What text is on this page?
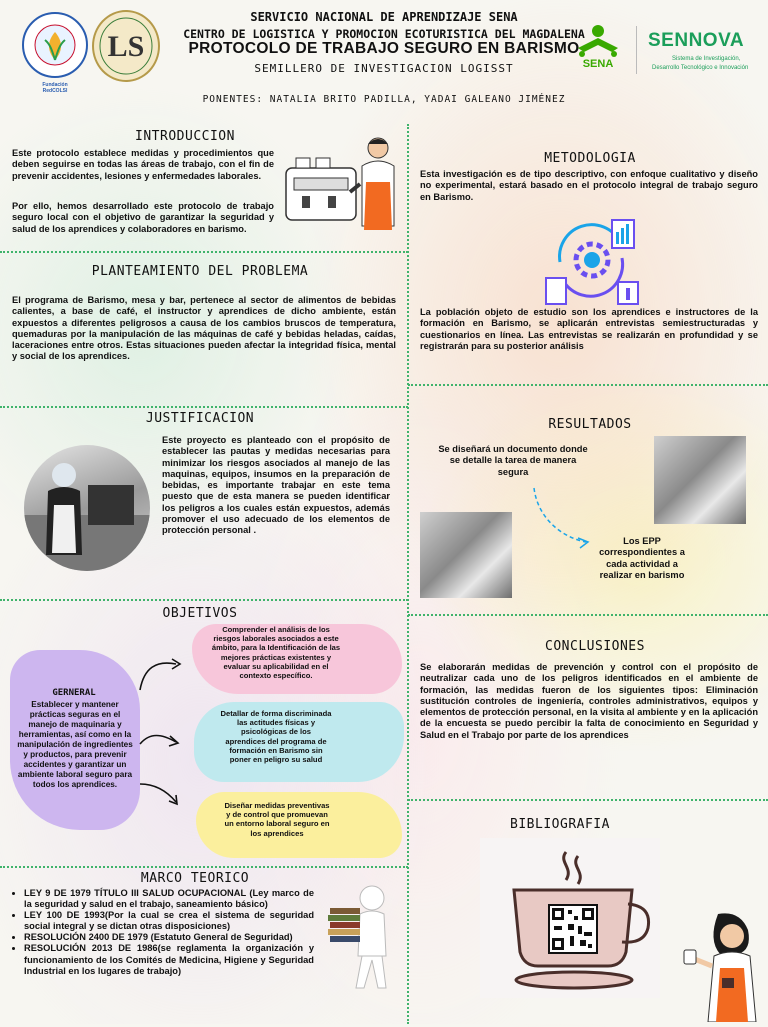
Fundación RedCOLSI
LS
SERVICIO NACIONAL DE APRENDIZAJE SENA
CENTRO DE LOGISTICA Y PROMOCION ECOTURISTICA DEL MAGDALENA
PROTOCOLO DE TRABAJO SEGURO EN BARISMO
SEMILLERO DE INVESTIGACION LOGISST
PONENTES: NATALIA BRITO PADILLA, YADAI GALEANO JIMÉNEZ
SENA
SENNOVA
Sistema de Investigación,
Desarrollo Tecnológico e Innovación
INTRODUCCION
Este protocolo establece medidas y procedimientos que deben seguirse en todas las áreas de trabajo, con el fin de prevenir accidentes, lesiones y enfermedades laborales.
Por ello, hemos desarrollado este protocolo de trabajo seguro local con el objetivo de garantizar la seguridad y salud de los aprendices y colaboradores en barismo.
PLANTEAMIENTO DEL PROBLEMA
El programa de Barismo, mesa y bar, pertenece al sector de alimentos de bebidas calientes, a base de café, el instructor y aprendices de dicho ambiente, están expuestos a diferentes peligrosos a causa de los cambios bruscos de temperatura, quemaduras por la manipulación de las máquinas de café y bebidas heladas, caídas, laceraciones entre otros. Estas situaciones pueden afectar la integridad física, mental y social de los aprendices.
JUSTIFICACION
Este proyecto es planteado con el propósito de establecer las pautas y medidas necesarias para minimizar los riesgos asociados al manejo de las maquinas, equipos, insumos en la preparación de bebidas, es importante trabajar en este tema puesto que de esta manera se pueden identificar los peligros a los cuales están expuestos, además promover el uso adecuado de los elementos de protección personal .
OBJETIVOS
GERNERAL
Establecer y mantener prácticas seguras en el manejo de maquinaria y herramientas, así como en la manipulación de ingredientes y productos, para prevenir accidentes y garantizar un ambiente laboral seguro para todos los aprendices.
Comprender el análisis de los riesgos laborales asociados a este ámbito, para la Identificación de las mejores prácticas existentes y evaluar su aplicabilidad en el contexto específico.
Detallar de forma discriminada las actitudes físicas y psicológicas de los aprendices del programa de formación en Barismo sin poner en peligro su salud
Diseñar medidas preventivas y de control que promuevan un entorno laboral seguro en los aprendices
MARCO TEORICO
• LEY 9 DE 1979 TÍTULO III SALUD OCUPACIONAL (Ley marco de la seguridad y salud en el trabajo, saneamiento básico)
• LEY 100 DE 1993(Por la cual se crea el sistema de seguridad social integral y se dictan otras disposiciones)
• RESOLUCIÓN 2400 DE 1979 (Estatuto General de Seguridad)
• RESOLUCIÓN 2013 DE 1986(se reglamenta la organización y funcionamiento de los Comités de Medicina, Higiene y Seguridad Industrial en los lugares de trabajo)
METODOLOGIA
Esta investigación es de tipo descriptivo, con enfoque cualitativo y diseño no experimental, estará basado en el protocolo integral de trabajo seguro en Barismo.
La población objeto de estudio son los aprendices e instructores de la formación en Barismo, se aplicarán entrevistas semiestructuradas y cuestionarios en línea. Las entrevistas se realizarán en profundidad y se registrarán para su posterior análisis
RESULTADOS
Se diseñará un documento donde se detalle la tarea de manera segura
Los EPP correspondientes a cada actividad a realizar en barismo
CONCLUSIONES
Se elaborarán medidas de prevención y control con el propósito de neutralizar cada uno de los peligros identificados en el ambiente de formación, las medidas fueron de los siguientes tipos: Eliminación sustitución controles de ingeniería, controles administrativos, equipos y elementos de protección personal, en la visita al ambiente y en la aplicación de la encuesta se puedo percibir la falta de conocimiento en Seguridad y Salud en el Trabajo por parte de los aprendices
BIBLIOGRAFIA
